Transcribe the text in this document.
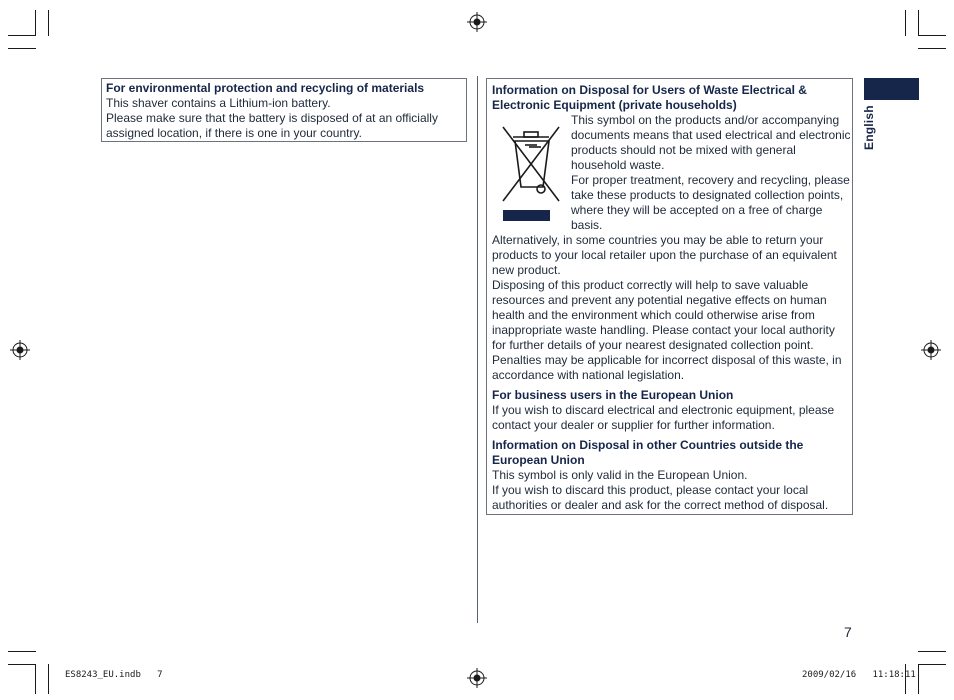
For environmental protection and recycling of materials
This shaver contains a Lithium-ion battery.
Please make sure that the battery is disposed of at an officially assigned location, if there is one in your country.
Information on Disposal for Users of Waste Electrical & Electronic Equipment (private households)
This symbol on the products and/or accompanying documents means that used electrical and electronic products should not be mixed with general household waste.
For proper treatment, recovery and recycling, please take these products to designated collection points, where they will be accepted on a free of charge basis.
Alternatively, in some countries you may be able to return your products to your local retailer upon the purchase of an equivalent new product.
Disposing of this product correctly will help to save valuable resources and prevent any potential negative effects on human health and the environment which could otherwise arise from inappropriate waste handling. Please contact your local authority for further details of your nearest designated collection point.
Penalties may be applicable for incorrect disposal of this waste, in accordance with national legislation.
For business users in the European Union
If you wish to discard electrical and electronic equipment, please contact your dealer or supplier for further information.
Information on Disposal in other Countries outside the European Union
This symbol is only valid in the European Union.
If you wish to discard this product, please contact your local authorities or dealer and ask for the correct method of disposal.
English
7
ES8243_EU.indb   7	2009/02/16   11:18:11
